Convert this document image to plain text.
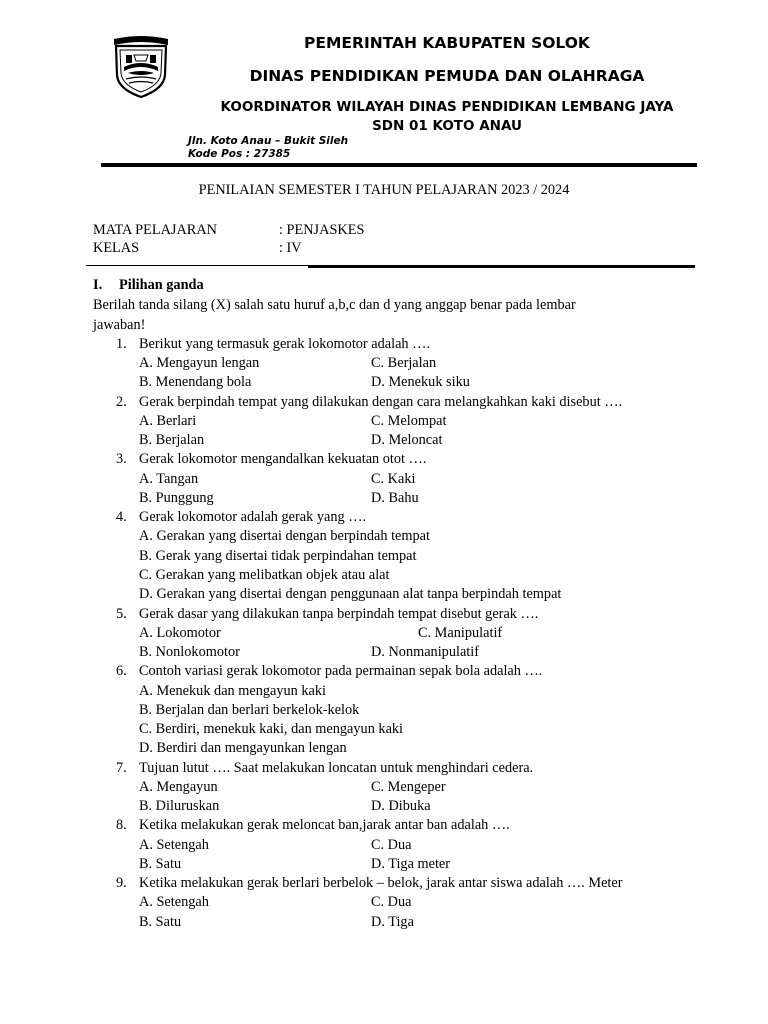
PEMERINTAH KABUPATEN SOLOK
DINAS PENDIDIKAN PEMUDA DAN OLAHRAGA
KOORDINATOR WILAYAH DINAS PENDIDIKAN LEMBANG JAYA
SDN 01 KOTO ANAU
Jln. Koto Anau – Bukit Sileh
Kode Pos : 27385
PENILAIAN SEMESTER I TAHUN PELAJARAN 2023 / 2024
MATA PELAJARAN	: PENJASKES
KELAS	: IV
I. Pilihan ganda
Berilah tanda silang (X) salah satu huruf a,b,c dan d yang anggap benar pada lembar
jawaban!
1. Berikut yang termasuk gerak lokomotor adalah ….
A. Mengayun lengan	C. Berjalan
B. Menendang bola	D. Menekuk siku
2. Gerak berpindah tempat yang dilakukan dengan cara melangkahkan kaki disebut ….
A. Berlari	C. Melompat
B. Berjalan	D. Meloncat
3. Gerak lokomotor mengandalkan kekuatan otot ….
A. Tangan	C. Kaki
B. Punggung	D. Bahu
4. Gerak lokomotor adalah gerak yang ….
A. Gerakan yang disertai dengan berpindah tempat
B. Gerak yang disertai tidak perpindahan tempat
C. Gerakan yang melibatkan objek atau alat
D. Gerakan yang disertai dengan penggunaan alat tanpa berpindah tempat
5. Gerak dasar yang dilakukan tanpa berpindah tempat disebut gerak ….
A. Lokomotor	C. Manipulatif
B. Nonlokomotor	D. Nonmanipulatif
6. Contoh variasi gerak lokomotor pada permainan sepak bola adalah ….
A. Menekuk dan mengayun kaki
B. Berjalan dan berlari berkelok-kelok
C. Berdiri, menekuk kaki, dan mengayun kaki
D. Berdiri dan mengayunkan lengan
7. Tujuan lutut …. Saat melakukan loncatan untuk menghindari cedera.
A. Mengayun	C. Mengeper
B. Diluruskan	D. Dibuka
8. Ketika melakukan gerak meloncat ban,jarak antar ban adalah ….
A. Setengah	C. Dua
B. Satu	D. Tiga meter
9. Ketika melakukan gerak berlari berbelok – belok, jarak antar siswa adalah …. Meter
A. Setengah	C. Dua
B. Satu	D. Tiga
